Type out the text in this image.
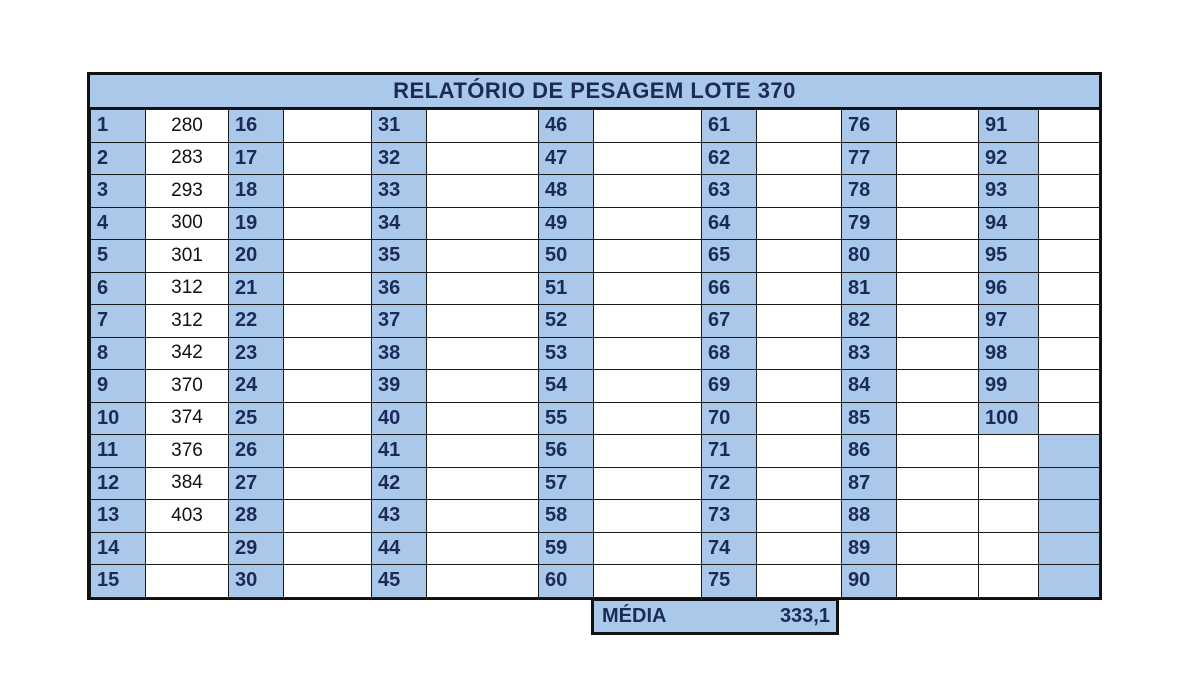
RELATÓRIO DE PESAGEM LOTE 370
1	280	16		31		46		61		76		91	
2	283	17		32		47		62		77		92	
3	293	18		33		48		63		78		93	
4	300	19		34		49		64		79		94	
5	301	20		35		50		65		80		95	
6	312	21		36		51		66		81		96	
7	312	22		37		52		67		82		97	
8	342	23		38		53		68		83		98	
9	370	24		39		54		69		84		99	
10	374	25		40		55		70		85		100	
11	376	26		41		56		71		86			
12	384	27		42		57		72		87			
13	403	28		43		58		73		88			
14		29		44		59		74		89			
15		30		45		60		75		90			
MÉDIA	333,1
